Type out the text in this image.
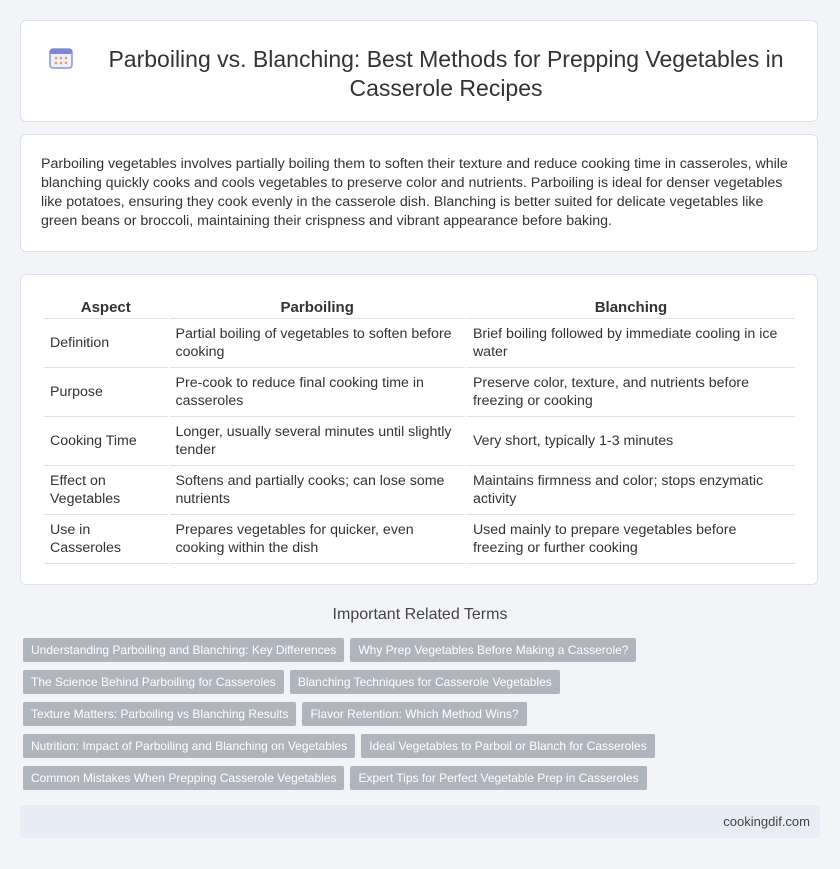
Parboiling vs. Blanching: Best Methods for Prepping Vegetables in Casserole Recipes

Parboiling vegetables involves partially boiling them to soften their texture and reduce cooking time in casseroles, while blanching quickly cooks and cools vegetables to preserve color and nutrients. Parboiling is ideal for denser vegetables like potatoes, ensuring they cook evenly in the casserole dish. Blanching is better suited for delicate vegetables like green beans or broccoli, maintaining their crispness and vibrant appearance before baking.

Aspect	Parboiling	Blanching
Definition	Partial boiling of vegetables to soften before cooking	Brief boiling followed by immediate cooling in ice water
Purpose	Pre-cook to reduce final cooking time in casseroles	Preserve color, texture, and nutrients before freezing or cooking
Cooking Time	Longer, usually several minutes until slightly tender	Very short, typically 1-3 minutes
Effect on Vegetables	Softens and partially cooks; can lose some nutrients	Maintains firmness and color; stops enzymatic activity
Use in Casseroles	Prepares vegetables for quicker, even cooking within the dish	Used mainly to prepare vegetables before freezing or further cooking
Important Related Terms
Understanding Parboiling and Blanching: Key Differences Why Prep Vegetables Before Making a Casserole?
The Science Behind Parboiling for Casseroles Blanching Techniques for Casserole Vegetables
Texture Matters: Parboiling vs Blanching Results Flavor Retention: Which Method Wins?
Nutrition: Impact of Parboiling and Blanching on Vegetables Ideal Vegetables to Parboil or Blanch for Casseroles
Common Mistakes When Prepping Casserole Vegetables Expert Tips for Perfect Vegetable Prep in Casseroles
cookingdif.com
